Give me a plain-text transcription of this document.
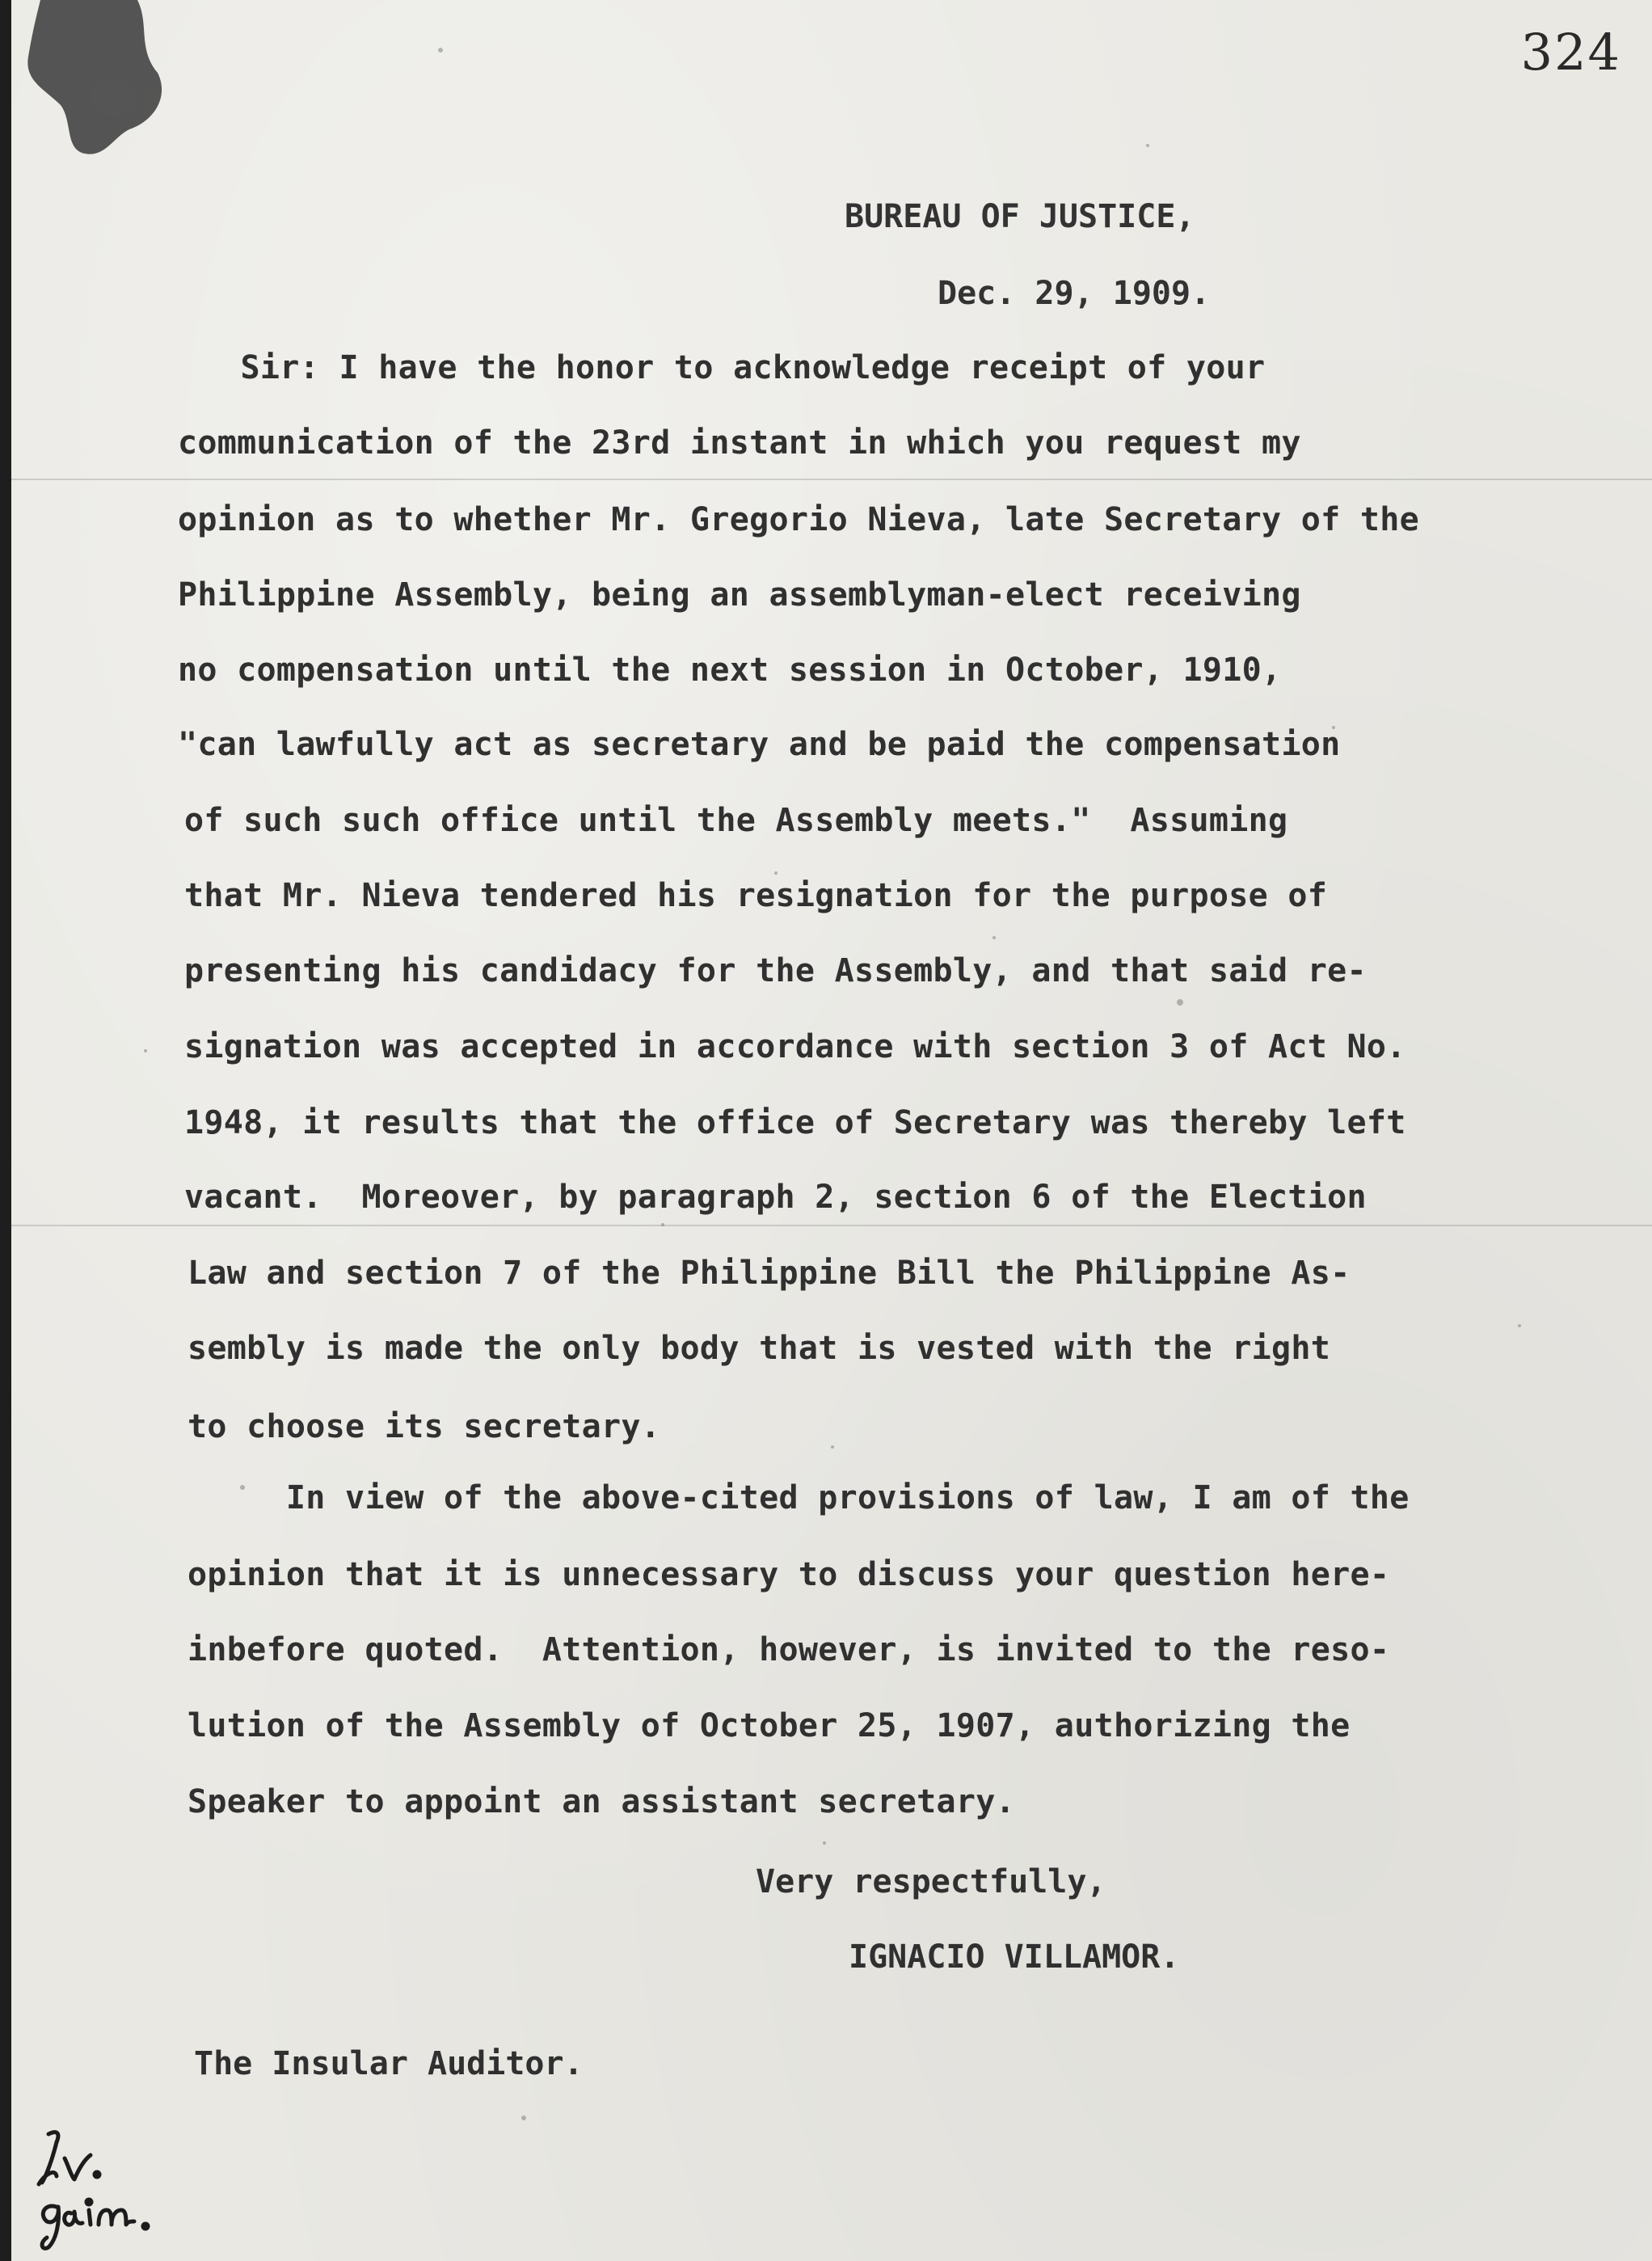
324
BUREAU OF JUSTICE,
Dec. 29, 1909.
Sir: I have the honor to acknowledge receipt of your
communication of the 23rd instant in which you request my
opinion as to whether Mr. Gregorio Nieva, late Secretary of the
Philippine Assembly, being an assemblyman-elect receiving
no compensation until the next session in October, 1910,
"can lawfully act as secretary and be paid the compensation
of such such office until the Assembly meets."  Assuming
that Mr. Nieva tendered his resignation for the purpose of
presenting his candidacy for the Assembly, and that said re-
signation was accepted in accordance with section 3 of Act No.
1948, it results that the office of Secretary was thereby left
vacant.  Moreover, by paragraph 2, section 6 of the Election
Law and section 7 of the Philippine Bill the Philippine As-
sembly is made the only body that is vested with the right
to choose its secretary.
In view of the above-cited provisions of law, I am of the
opinion that it is unnecessary to discuss your question here-
inbefore quoted.  Attention, however, is invited to the reso-
lution of the Assembly of October 25, 1907, authorizing the
Speaker to appoint an assistant secretary.
Very respectfully,
IGNACIO VILLAMOR.
The Insular Auditor.
